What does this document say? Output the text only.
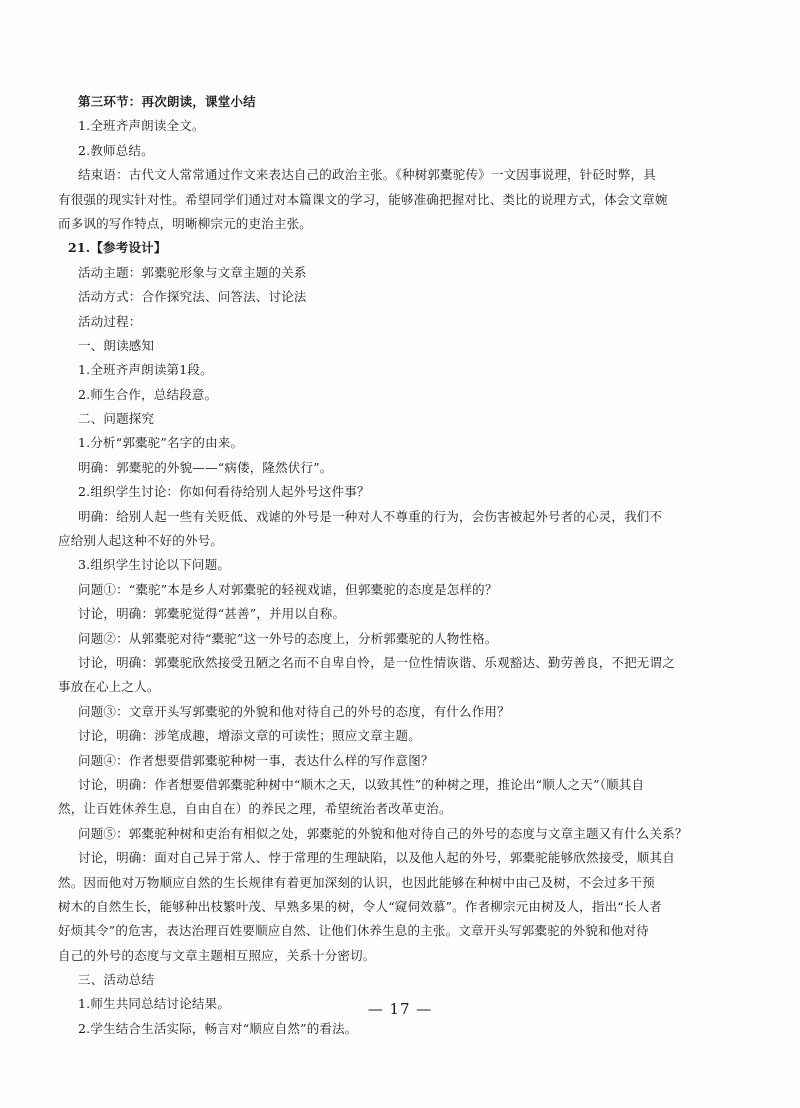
第三环节：再次朗读，课堂小结
1.全班齐声朗读全文。
2.教师总结。
结束语：古代文人常常通过作文来表达自己的政治主张。《种树郭橐驼传》一文因事说理，针砭时弊，具
有很强的现实针对性。希望同学们通过对本篇课文的学习，能够准确把握对比、类比的说理方式，体会文章婉
而多讽的写作特点，明晰柳宗元的吏治主张。
21.【参考设计】
活动主题：郭橐驼形象与文章主题的关系
活动方式：合作探究法、问答法、讨论法
活动过程：
一、朗读感知
1.全班齐声朗读第1段。
2.师生合作，总结段意。
二、问题探究
1.分析“郭橐驼”名字的由来。
明确：郭橐驼的外貌——“病偻，隆然伏行”。
2.组织学生讨论：你如何看待给别人起外号这件事？
明确：给别人起一些有关贬低、戏谑的外号是一种对人不尊重的行为，会伤害被起外号者的心灵，我们不
应给别人起这种不好的外号。
3.组织学生讨论以下问题。
问题①：“橐驼”本是乡人对郭橐驼的轻视戏谑，但郭橐驼的态度是怎样的？
讨论，明确：郭橐驼觉得“甚善”，并用以自称。
问题②：从郭橐驼对待“橐驼”这一外号的态度上，分析郭橐驼的人物性格。
讨论，明确：郭橐驼欣然接受丑陋之名而不自卑自怜，是一位性情诙谐、乐观豁达、勤劳善良，不把无谓之
事放在心上之人。
问题③：文章开头写郭橐驼的外貌和他对待自己的外号的态度，有什么作用？
讨论，明确：涉笔成趣，增添文章的可读性；照应文章主题。
问题④：作者想要借郭橐驼种树一事，表达什么样的写作意图？
讨论，明确：作者想要借郭橐驼种树中“顺木之天，以致其性”的种树之理，推论出“顺人之天”（顺其自
然，让百姓休养生息，自由自在）的养民之理，希望统治者改革吏治。
问题⑤：郭橐驼种树和吏治有相似之处，郭橐驼的外貌和他对待自己的外号的态度与文章主题又有什么关系？
讨论，明确：面对自己异于常人、悖于常理的生理缺陷，以及他人起的外号，郭橐驼能够欣然接受，顺其自
然。因而他对万物顺应自然的生长规律有着更加深刻的认识，也因此能够在种树中由己及树，不会过多干预
树木的自然生长，能够种出枝繁叶茂、早熟多果的树，令人“窥伺效慕”。作者柳宗元由树及人，指出“长人者
好烦其令”的危害，表达治理百姓要顺应自然、让他们休养生息的主张。文章开头写郭橐驼的外貌和他对待
自己的外号的态度与文章主题相互照应，关系十分密切。
三、活动总结
1.师生共同总结讨论结果。
2.学生结合生活实际，畅言对“顺应自然”的看法。
— 17 —
